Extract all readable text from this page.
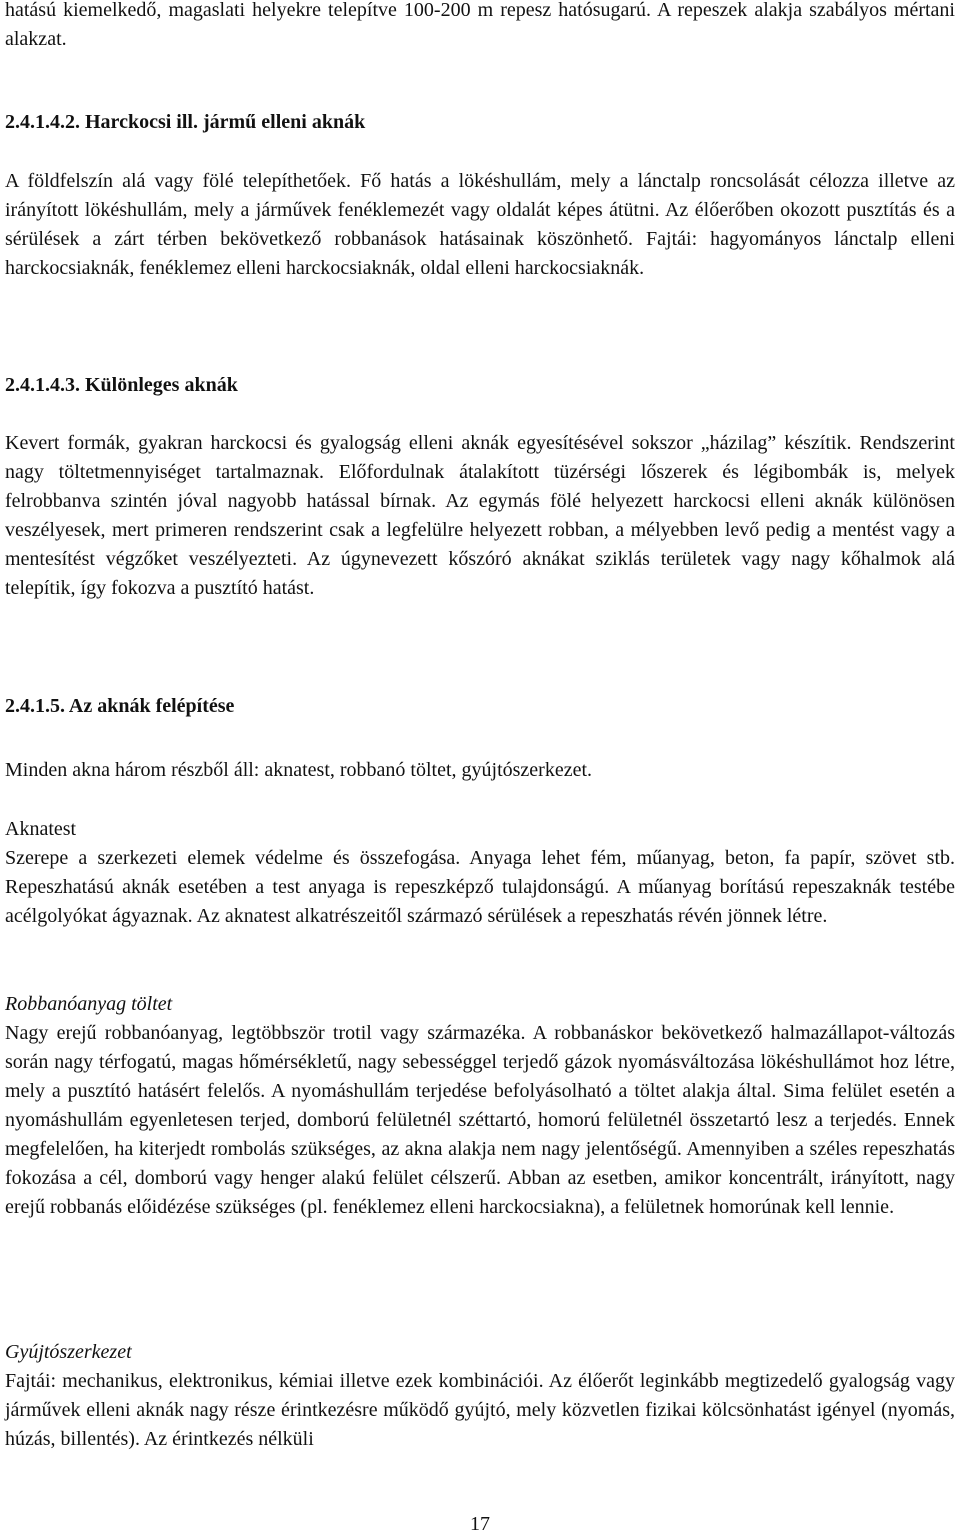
hatású kiemelkedő, magaslati helyekre telepítve 100-200 m repesz hatósugarú. A repeszek alakja szabályos mértani alakzat.

2.4.1.4.2. Harckocsi ill. jármű elleni aknák

A földfelszín alá vagy fölé telepíthetőek. Fő hatás a lökéshullám, mely a lánctalp roncsolását célozza illetve az irányított lökéshullám, mely a járművek fenéklemezét vagy oldalát képes átütni. Az élőerőben okozott pusztítás és a sérülések a zárt térben bekövetkező robbanások hatásainak köszönhető. Fajtái: hagyományos lánctalp elleni harckocsiaknák, fenéklemez elleni harckocsiaknák, oldal elleni harckocsiaknák.

2.4.1.4.3. Különleges aknák

Kevert formák, gyakran harckocsi és gyalogság elleni aknák egyesítésével sokszor „házilag” készítik. Rendszerint nagy töltetmennyiséget tartalmaznak. Előfordulnak átalakított tüzérségi lőszerek és légibombák is, melyek felrobbanva szintén jóval nagyobb hatással bírnak. Az egymás fölé helyezett harckocsi elleni aknák különösen veszélyesek, mert primeren rendszerint csak a legfelülre helyezett robban, a mélyebben levő pedig a mentést vagy a mentesítést végzőket veszélyezteti. Az úgynevezett kőszóró aknákat sziklás területek vagy nagy kőhalmok alá telepítik, így fokozva a pusztító hatást.

2.4.1.5. Az aknák felépítése

Minden akna három részből áll: aknatest, robbanó töltet, gyújtószerkezet.

Aknatest

Szerepe a szerkezeti elemek védelme és összefogása. Anyaga lehet fém, műanyag, beton, fa papír, szövet stb. Repeszhatású aknák esetében a test anyaga is repeszképző tulajdonságú. A műanyag borítású repeszaknák testébe acélgolyókat ágyaznak. Az aknatest alkatrészeitől származó sérülések a repeszhatás révén jönnek létre.

Robbanóanyag töltet

Nagy erejű robbanóanyag, legtöbbször trotil vagy származéka. A robbanáskor bekövetkező halmazállapot-változás során nagy térfogatú, magas hőmérsékletű, nagy sebességgel terjedő gázok nyomásváltozása lökéshullámot hoz létre, mely a pusztító hatásért felelős. A nyomáshullám terjedése befolyásolható a töltet alakja által. Sima felület esetén a nyomáshullám egyenletesen terjed, domború felületnél széttartó, homorú felületnél összetartó lesz a terjedés. Ennek megfelelően, ha kiterjedt rombolás szükséges, az akna alakja nem nagy jelentőségű. Amennyiben a széles repeszhatás fokozása a cél, domború vagy henger alakú felület célszerű. Abban az esetben, amikor koncentrált, irányított, nagy erejű robbanás előidézése szükséges (pl. fenéklemez elleni harckocsiakna), a felületnek homorúnak kell lennie.

Gyújtószerkezet

Fajtái: mechanikus, elektronikus, kémiai illetve ezek kombinációi. Az élőerőt leginkább megtizedelő gyalogság vagy járművek elleni aknák nagy része érintkezésre működő gyújtó, mely közvetlen fizikai kölcsönhatást igényel (nyomás, húzás, billentés). Az érintkezés nélküli

17
